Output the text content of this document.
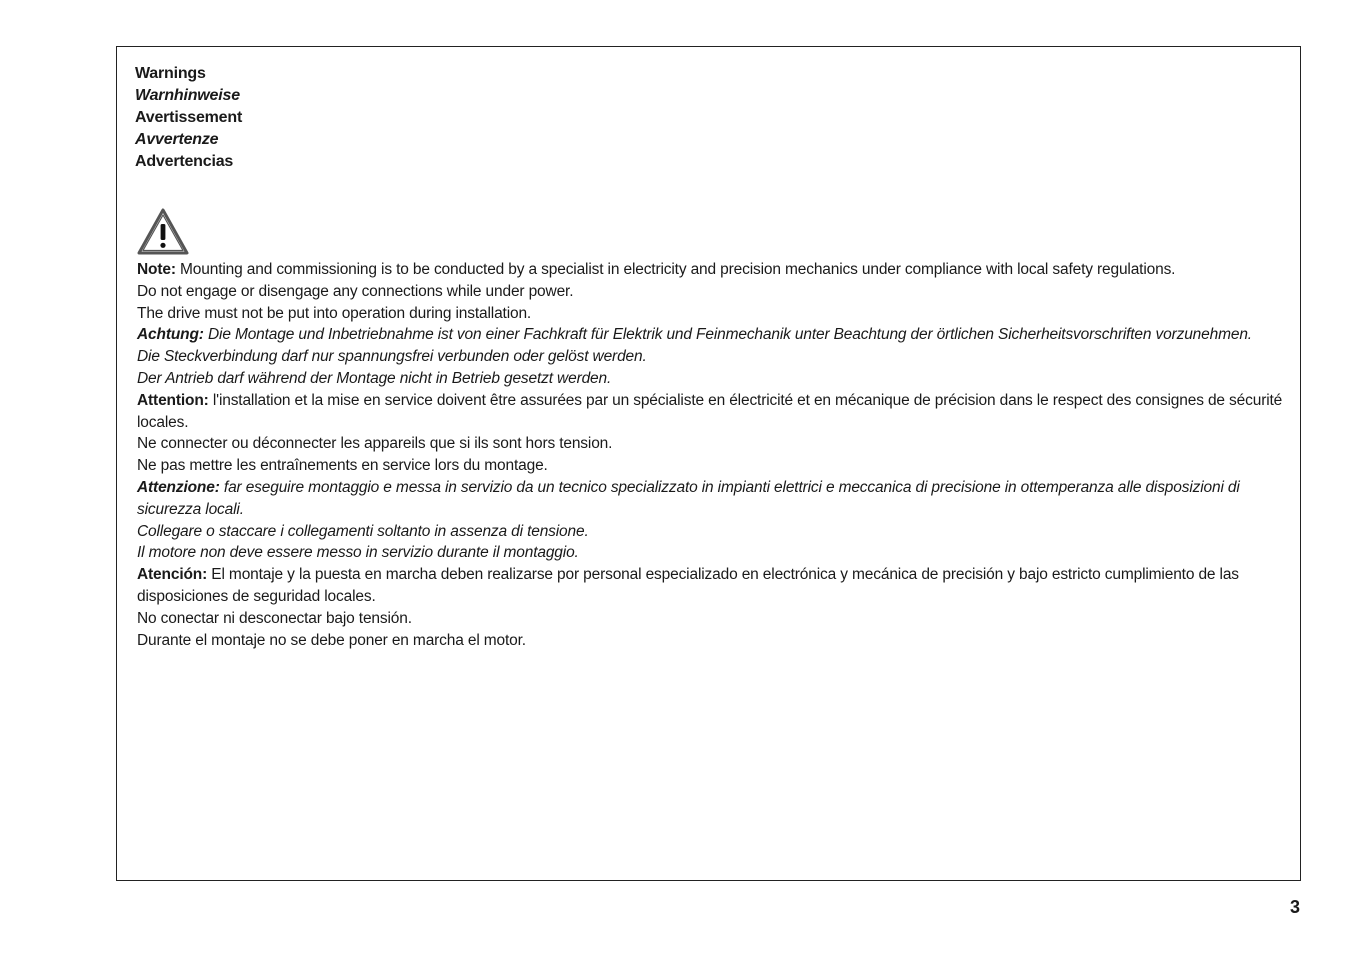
Warnings
Warnhinweise
Avertissement
Avvertenze
Advertencias

Note: Mounting and commissioning is to be conducted by a specialist in electricity and precision mechanics under compliance with local safety regulations.

Do not engage or disengage any connections while under power.

The drive must not be put into operation during installation.

Achtung: Die Montage und Inbetriebnahme ist von einer Fachkraft für Elektrik und Feinmechanik unter Beachtung der örtlichen Sicherheitsvorschriften vorzunehmen.

Die Steckverbindung darf nur spannungsfrei verbunden oder gelöst werden.

Der Antrieb darf während der Montage nicht in Betrieb gesetzt werden.

Attention: l'installation et la mise en service doivent être assurées par un spécialiste en électricité et en mécanique de précision dans le respect des consignes de sécurité locales.

Ne connecter ou déconnecter les appareils que si ils sont hors tension.

Ne pas mettre les entraînements en service lors du montage.

Attenzione: far eseguire montaggio e messa in servizio da un tecnico specializzato in impianti elettrici e meccanica di precisione in ottemperanza alle disposizioni di sicurezza locali.

Collegare o staccare i collegamenti soltanto in assenza di tensione.

Il motore non deve essere messo in servizio durante il montaggio.

Atención: El montaje y la puesta en marcha deben realizarse por personal especializado en electrónica y mecánica de precisión y bajo estricto cumplimiento de las disposiciones de seguridad locales.

No conectar ni desconectar bajo tensión.

Durante el montaje no se debe poner en marcha el motor.

3
